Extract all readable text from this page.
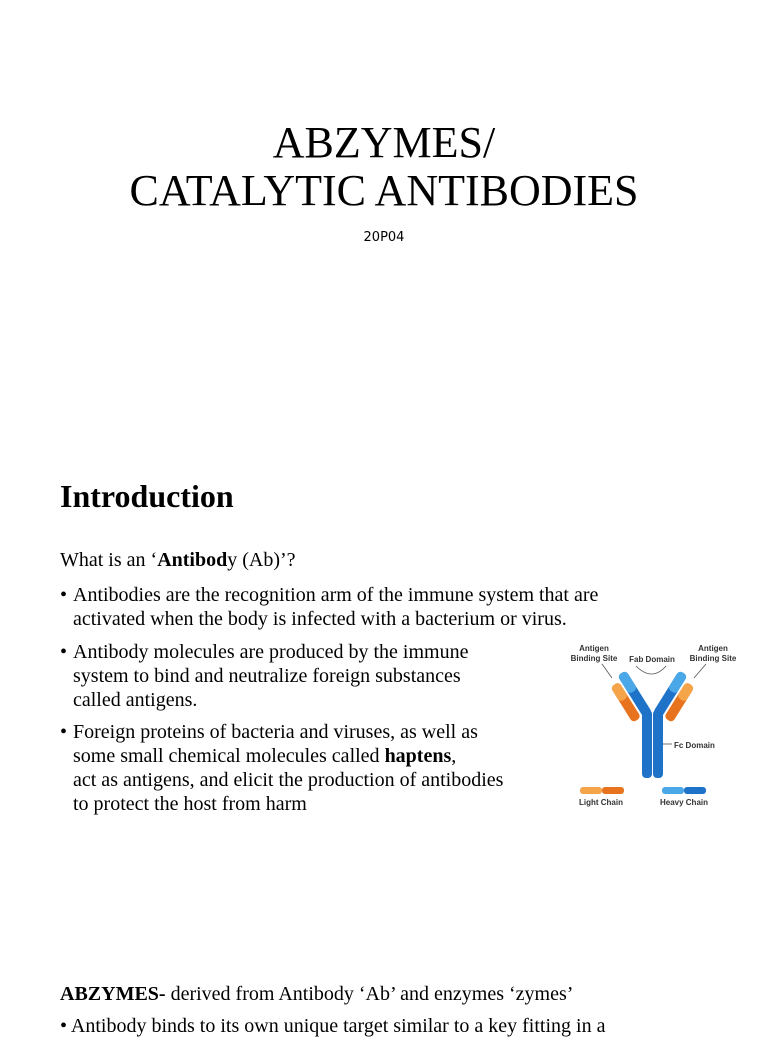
ABZYMES/
CATALYTIC ANTIBODIES
20P04
Introduction
What is an ‘Antibody (Ab)’?
• Antibodies are the recognition arm of the immune system that are
activated when the body is infected with a bacterium or virus.
• Antibody molecules are produced by the immune
system to bind and neutralize foreign substances
called antigens.
• Foreign proteins of bacteria and viruses, as well as
some small chemical molecules called haptens,
act as antigens, and elicit the production of antibodies
to protect the host from harm
Antigen
Binding Site Fab Domain
Antigen
Binding Site
Fc Domain
Light Chain	Heavy Chain
ABZYMES- derived from Antibody ‘Ab’ and enzymes ‘zymes’
• Antibody binds to its own unique target similar to a key fitting in a
